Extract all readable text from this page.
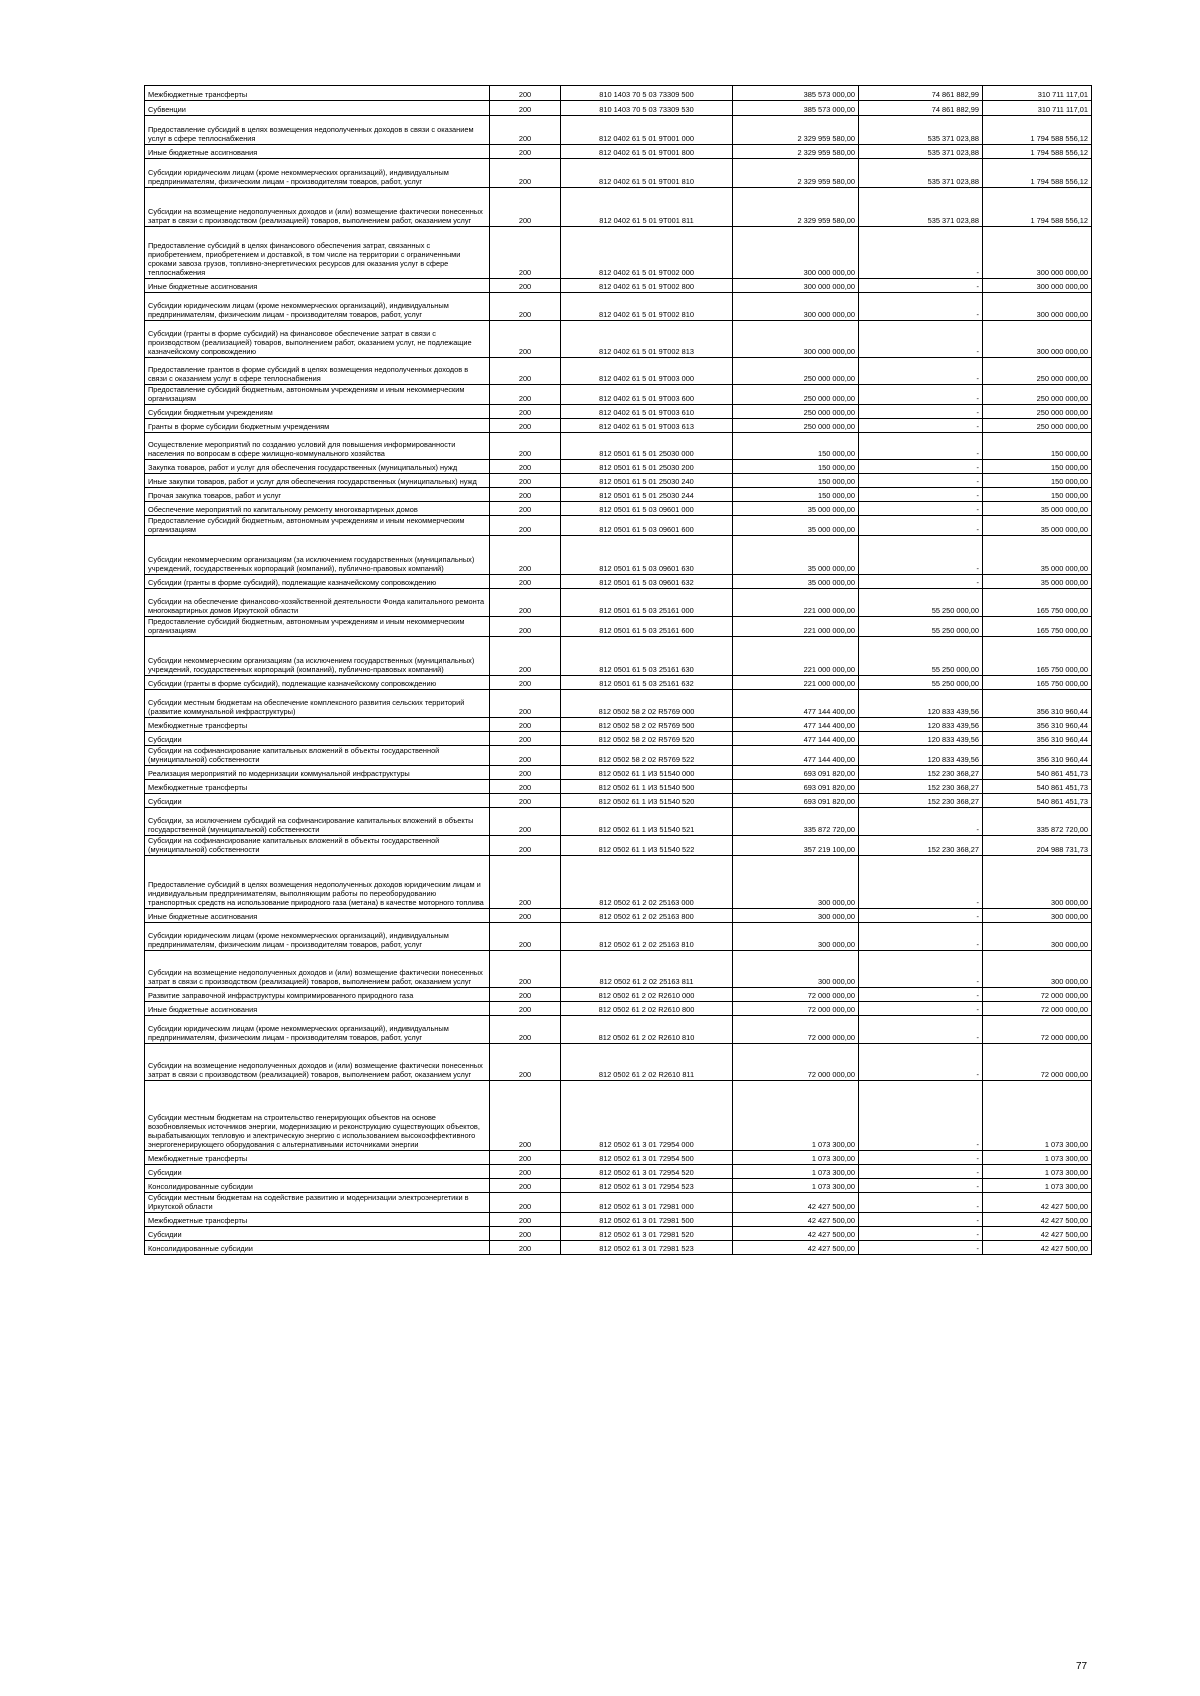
Межбюджетные трансферты	200	810 1403 70 5 03 73309 500	385 573 000,00	74 861 882,99	310 711 117,01
Субвенции	200	810 1403 70 5 03 73309 530	385 573 000,00	74 861 882,99	310 711 117,01
Предоставление субсидий в целях возмещения недополученных доходов в связи с оказанием услуг в сфере теплоснабжения	200	812 0402 61 5 01 9Т001 000	2 329 959 580,00	535 371 023,88	1 794 588 556,12
Иные бюджетные ассигнования	200	812 0402 61 5 01 9Т001 800	2 329 959 580,00	535 371 023,88	1 794 588 556,12
Субсидии юридическим лицам (кроме некоммерческих организаций), индивидуальным предпринимателям, физическим лицам - производителям товаров, работ, услуг	200	812 0402 61 5 01 9Т001 810	2 329 959 580,00	535 371 023,88	1 794 588 556,12
Субсидии на возмещение недополученных доходов и (или) возмещение фактически понесенных затрат в связи с производством (реализацией) товаров, выполнением работ, оказанием услуг	200	812 0402 61 5 01 9Т001 811	2 329 959 580,00	535 371 023,88	1 794 588 556,12
Предоставление субсидий в целях финансового обеспечения затрат, связанных с приобретением, приобретением и доставкой, в том числе на территории с ограниченными сроками завоза грузов, топливно-энергетических ресурсов для оказания услуг в сфере теплоснабжения	200	812 0402 61 5 01 9Т002 000	300 000 000,00	-	300 000 000,00
Иные бюджетные ассигнования	200	812 0402 61 5 01 9Т002 800	300 000 000,00	-	300 000 000,00
Субсидии юридическим лицам (кроме некоммерческих организаций), индивидуальным предпринимателям, физическим лицам - производителям товаров, работ, услуг	200	812 0402 61 5 01 9Т002 810	300 000 000,00	-	300 000 000,00
Субсидии (гранты в форме субсидий) на финансовое обеспечение затрат в связи с производством (реализацией) товаров, выполнением работ, оказанием услуг, не подлежащие казначейскому сопровождению	200	812 0402 61 5 01 9Т002 813	300 000 000,00	-	300 000 000,00
Предоставление грантов в форме субсидий в целях возмещения недополученных доходов в связи с оказанием услуг в сфере теплоснабжения	200	812 0402 61 5 01 9Т003 000	250 000 000,00	-	250 000 000,00
Предоставление субсидий бюджетным, автономным учреждениям и иным некоммерческим организациям	200	812 0402 61 5 01 9Т003 600	250 000 000,00	-	250 000 000,00
Субсидии бюджетным учреждениям	200	812 0402 61 5 01 9Т003 610	250 000 000,00	-	250 000 000,00
Гранты в форме субсидии бюджетным учреждениям	200	812 0402 61 5 01 9Т003 613	250 000 000,00	-	250 000 000,00
Осуществление мероприятий по созданию условий для повышения информированности населения по вопросам в сфере жилищно-коммунального хозяйства	200	812 0501 61 5 01 25030 000	150 000,00	-	150 000,00
Закупка товаров, работ и услуг для обеспечения государственных (муниципальных) нужд	200	812 0501 61 5 01 25030 200	150 000,00	-	150 000,00
Иные закупки товаров, работ и услуг для обеспечения государственных (муниципальных) нужд	200	812 0501 61 5 01 25030 240	150 000,00	-	150 000,00
Прочая закупка товаров, работ и услуг	200	812 0501 61 5 01 25030 244	150 000,00	-	150 000,00
Обеспечение мероприятий по капитальному ремонту многоквартирных домов	200	812 0501 61 5 03 09601 000	35 000 000,00	-	35 000 000,00
Предоставление субсидий бюджетным, автономным учреждениям и иным некоммерческим организациям	200	812 0501 61 5 03 09601 600	35 000 000,00	-	35 000 000,00
Субсидии некоммерческим организациям (за исключением государственных (муниципальных) учреждений, государственных корпораций (компаний), публично-правовых компаний)	200	812 0501 61 5 03 09601 630	35 000 000,00	-	35 000 000,00
Субсидии (гранты в форме субсидий), подлежащие казначейскому сопровождению	200	812 0501 61 5 03 09601 632	35 000 000,00	-	35 000 000,00
Субсидии на обеспечение финансово-хозяйственной деятельности Фонда капитального ремонта многоквартирных домов Иркутской области	200	812 0501 61 5 03 25161 000	221 000 000,00	55 250 000,00	165 750 000,00
Предоставление субсидий бюджетным, автономным учреждениям и иным некоммерческим организациям	200	812 0501 61 5 03 25161 600	221 000 000,00	55 250 000,00	165 750 000,00
Субсидии некоммерческим организациям (за исключением государственных (муниципальных) учреждений, государственных корпораций (компаний), публично-правовых компаний)	200	812 0501 61 5 03 25161 630	221 000 000,00	55 250 000,00	165 750 000,00
Субсидии (гранты в форме субсидий), подлежащие казначейскому сопровождению	200	812 0501 61 5 03 25161 632	221 000 000,00	55 250 000,00	165 750 000,00
Субсидии местным бюджетам на обеспечение комплексного развития сельских территорий (развитие коммунальной инфраструктуры)	200	812 0502 58 2 02 R5769 000	477 144 400,00	120 833 439,56	356 310 960,44
Межбюджетные трансферты	200	812 0502 58 2 02 R5769 500	477 144 400,00	120 833 439,56	356 310 960,44
Субсидии	200	812 0502 58 2 02 R5769 520	477 144 400,00	120 833 439,56	356 310 960,44
Субсидии на софинансирование капитальных вложений в объекты государственной (муниципальной) собственности	200	812 0502 58 2 02 R5769 522	477 144 400,00	120 833 439,56	356 310 960,44
Реализация мероприятий по модернизации коммунальной инфраструктуры	200	812 0502 61 1 И3 51540 000	693 091 820,00	152 230 368,27	540 861 451,73
Межбюджетные трансферты	200	812 0502 61 1 И3 51540 500	693 091 820,00	152 230 368,27	540 861 451,73
Субсидии	200	812 0502 61 1 И3 51540 520	693 091 820,00	152 230 368,27	540 861 451,73
Субсидии, за исключением субсидий на софинансирование капитальных вложений в объекты государственной (муниципальной) собственности	200	812 0502 61 1 И3 51540 521	335 872 720,00	-	335 872 720,00
Субсидии на софинансирование капитальных вложений в объекты государственной (муниципальной) собственности	200	812 0502 61 1 И3 51540 522	357 219 100,00	152 230 368,27	204 988 731,73
Предоставление субсидий в целях возмещения недополученных доходов юридическим лицам и индивидуальным предпринимателям, выполняющим работы по переоборудованию транспортных средств на использование природного газа (метана) в качестве моторного топлива	200	812 0502 61 2 02 25163 000	300 000,00	-	300 000,00
Иные бюджетные ассигнования	200	812 0502 61 2 02 25163 800	300 000,00	-	300 000,00
Субсидии юридическим лицам (кроме некоммерческих организаций), индивидуальным предпринимателям, физическим лицам - производителям товаров, работ, услуг	200	812 0502 61 2 02 25163 810	300 000,00	-	300 000,00
Субсидии на возмещение недополученных доходов и (или) возмещение фактически понесенных затрат в связи с производством (реализацией) товаров, выполнением работ, оказанием услуг	200	812 0502 61 2 02 25163 811	300 000,00	-	300 000,00
Развитие заправочной инфраструктуры компримированного природного газа	200	812 0502 61 2 02 R2610 000	72 000 000,00	-	72 000 000,00
Иные бюджетные ассигнования	200	812 0502 61 2 02 R2610 800	72 000 000,00	-	72 000 000,00
Субсидии юридическим лицам (кроме некоммерческих организаций), индивидуальным предпринимателям, физическим лицам - производителям товаров, работ, услуг	200	812 0502 61 2 02 R2610 810	72 000 000,00	-	72 000 000,00
Субсидии на возмещение недополученных доходов и (или) возмещение фактически понесенных затрат в связи с производством (реализацией) товаров, выполнением работ, оказанием услуг	200	812 0502 61 2 02 R2610 811	72 000 000,00	-	72 000 000,00
Субсидии местным бюджетам на строительство генерирующих объектов на основе возобновляемых источников энергии, модернизацию и реконструкцию существующих объектов, вырабатывающих тепловую и электрическую энергию с использованием высокоэффективного энергогенерирующего оборудования с альтернативными источниками энергии	200	812 0502 61 3 01 72954 000	1 073 300,00	-	1 073 300,00
Межбюджетные трансферты	200	812 0502 61 3 01 72954 500	1 073 300,00	-	1 073 300,00
Субсидии	200	812 0502 61 3 01 72954 520	1 073 300,00	-	1 073 300,00
Консолидированные субсидии	200	812 0502 61 3 01 72954 523	1 073 300,00	-	1 073 300,00
Субсидии местным бюджетам на содействие развитию и модернизации электроэнергетики в Иркутской области	200	812 0502 61 3 01 72981 000	42 427 500,00	-	42 427 500,00
Межбюджетные трансферты	200	812 0502 61 3 01 72981 500	42 427 500,00	-	42 427 500,00
Субсидии	200	812 0502 61 3 01 72981 520	42 427 500,00	-	42 427 500,00
Консолидированные субсидии	200	812 0502 61 3 01 72981 523	42 427 500,00	-	42 427 500,00
77
